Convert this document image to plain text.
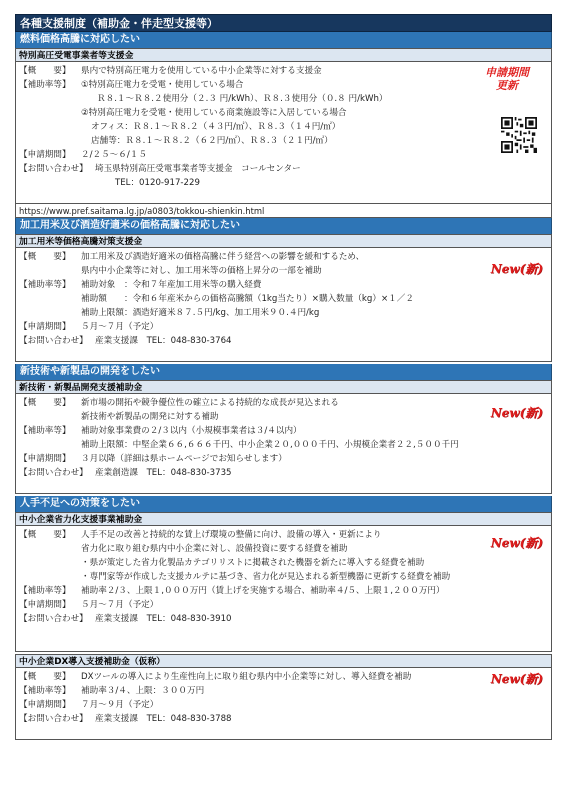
各種支援制度（補助金・伴走型支援等）
燃料価格高騰に対応したい
特別高圧受電事業者等支援金
申請期間
更新
【概　　要】	県内で特別高圧電力を使用している中小企業等に対する支援金
【補助率等】	①特別高圧電力を受電・使用している場合
Ｒ８.１～Ｒ８.２使用分（２.３ 円/kWh）、Ｒ８.３使用分（０.８ 円/kWh）
②特別高圧電力を受電・使用している商業施設等に入居している場合
オフィス：Ｒ８.１～Ｒ８.２（４３円/㎡）、Ｒ８.３（１４円/㎡）
店舗等：Ｒ８.１～Ｒ８.２（６２円/㎡）、Ｒ８.３（２１円/㎡）
【申請期間】	２/２５～６/１５
【お問い合わせ】 埼玉県特別高圧受電事業者等支援金　コールセンター
TEL：0120-917-229
https://www.pref.saitama.lg.jp/a0803/tokkou-shienkin.html
加工用米及び酒造好適米の価格高騰に対応したい
加工用米等価格高騰対策支援金
New(新)
【概　　要】	加工用米及び酒造好適米の価格高騰に伴う経営への影響を緩和するため、
県内中小企業等に対し、加工用米等の価格上昇分の一部を補助
【補助率等】	補助対象　：令和７年産加工用米等の購入経費
補助額　　：令和６年産米からの価格高騰額（1kg当たり）×購入数量（kg）×１／２
補助上限額：酒造好適米８７.５円/kg、加工用米９０.４円/kg
【申請期間】	５月～７月（予定）
【お問い合わせ】 産業支援課　TEL：048-830-3764
新技術や新製品の開発をしたい
新技術・新製品開発支援補助金
New(新)
【概　　要】	新市場の開拓や競争優位性の確立による持続的な成長が見込まれる
新技術や新製品の開発に対する補助
【補助率等】	補助対象事業費の２/３以内（小規模事業者は３/４以内）
補助上限額：中堅企業６６,６６６千円、中小企業２０,０００千円、小規模企業者２２,５００千円
【申請期間】	３月以降（詳細は県ホームページでお知らせします）
【お問い合わせ】 産業創造課　TEL：048-830-3735
人手不足への対策をしたい
中小企業省力化支援事業補助金
New(新)
【概　　要】	人手不足の改善と持続的な賃上げ環境の整備に向け、設備の導入・更新により
省力化に取り組む県内中小企業に対し、設備投資に要する経費を補助
・県が策定した省力化製品カテゴリリストに掲載された機器を新たに導入する経費を補助
・専門家等が作成した支援カルテに基づき、省力化が見込まれる新型機器に更新する経費を補助
【補助率等】	補助率２/３、上限１,０００万円（賃上げを実施する場合、補助率４/５、上限１,２００万円）
【申請期間】	５月～７月（予定）
【お問い合わせ】 産業支援課　TEL：048-830-3910
中小企業DX導入支援補助金（仮称）
New(新)
【概　　要】	DXツールの導入により生産性向上に取り組む県内中小企業等に対し、導入経費を補助
【補助率等】	補助率３/４、上限：３００万円
【申請期間】	７月～９月（予定）
【お問い合わせ】 産業支援課　TEL：048-830-3788
